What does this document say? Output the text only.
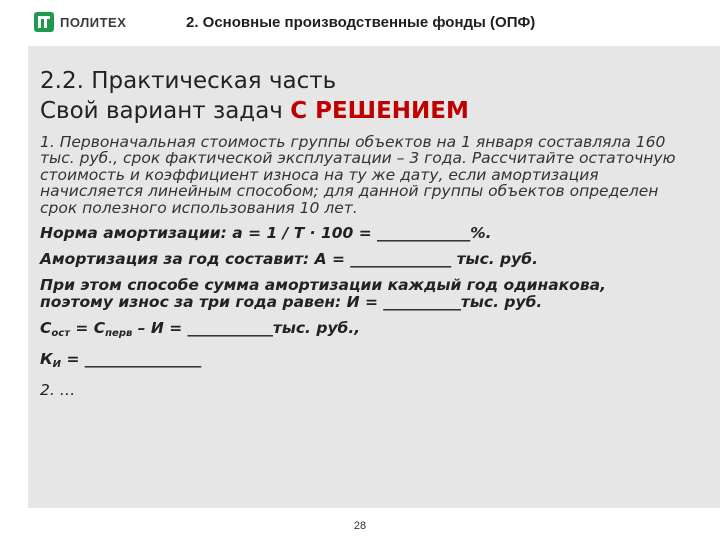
ПОЛИТЕХ	2. Основные производственные фонды (ОПФ)
2.2. Практическая часть
Свой вариант задач С РЕШЕНИЕМ
1. Первоначальная стоимость группы объектов на 1 января составляла 160 тыс. руб., срок фактической эксплуатации – 3 года. Рассчитайте остаточную стоимость и коэффициент износа на ту же дату, если амортизация начисляется линейным способом; для данной группы объектов определен срок полезного использования 10 лет.
Норма амортизации: a = 1 / T · 100 = ____________%.
Амортизация за год составит: А = _____________ тыс. руб.
При этом способе сумма амортизации каждый год одинакова,
поэтому износ за три года равен: И = __________тыс. руб.
$С_{ост} = С_{перв} - И$ = ___________тыс. руб.,
$К_И$ = _______________
2. …
28
